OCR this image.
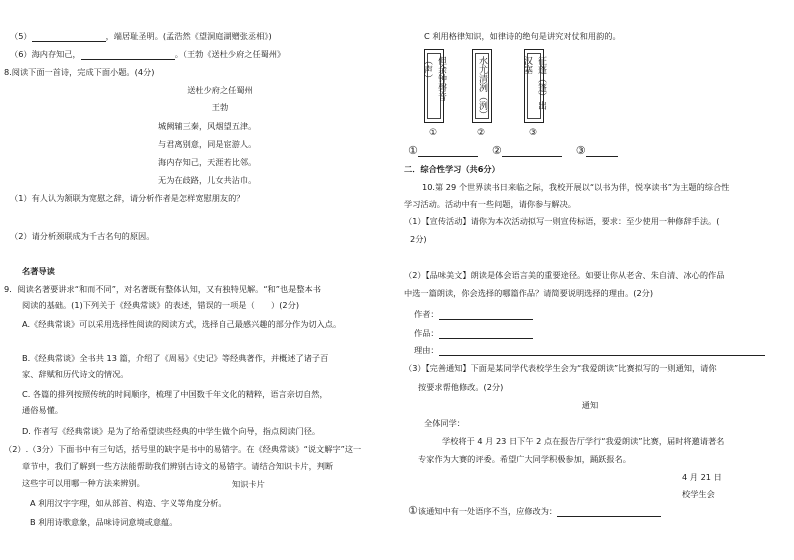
（5）	，端居耻圣明。(孟浩然《望洞庭湖赠张丞相》)
（6）海内存知己，	。（王勃《送杜少府之任蜀州》
8.阅读下面一首诗，完成下面小题。(4分)
送杜少府之任蜀州
王勃
城阙辅三秦，风烟望五津。
与君离别意，同是宦游人。
海内存知己，天涯若比邻。
无为在歧路，儿女共沾巾。
（1）有人认为颔联为宽慰之辞，请分析作者是怎样宽慰朋友的？
（2）请分析颈联成为千古名句的原因。
名著导读
9．阅读名著要讲求“和而不同”，对名著既有整体认知，又有独特见解。“和”也是整本书
阅读的基础。(1)下列关于《经典常谈》的表述，错误的一项是（　　）(2分)
A.《经典常谈》可以采用选择性阅读的阅读方式，选择自己最感兴趣的部分作为切入点。
B.《经典常谈》全书共 13 篇，介绍了《周易》《史记》等经典著作，并概述了诸子百
家、辞赋和历代诗文的情况。
C. 各篇的排列按照传统的时间顺序，梳理了中国数千年文化的精粹，语言亲切自然，
通俗易懂。
D. 作者写《经典常谈》是为了给希望读些经典的中学生做个向导，指点阅读门径。
（2）.（3分）下面书中有三句话，括号里的缺字是书中的易错字。在《经典常谈》“说文解字”这一
章节中，我们了解到一些方法能帮助我们辨别古诗文的易错字。请结合知识卡片，判断
这些字可以用哪一种方法来辨别。	知识卡片
A 利用汉字字理，如从部首、构造、字义等角度分析。
B 利用诗歌意象，品味诗词意境或意蕴。
C 利用格律知识，如律诗的绝句是讲究对仗和用韵的。
但余钟磬音（声）
①
水尤清冽（洌）
②
征蓬（篷）出汉塞
③
①	②	③
二．综合性学习（共6分）
10.第 29 个世界读书日来临之际，我校开展以“以书为伴，悦享读书”为主题的综合性
学习活动。活动中有一些问题，请你参与解决。
（1）【宣传活动】请你为本次活动拟写一则宣传标语，要求：至少使用一种修辞手法。(
2分)
（2）【品味美文】朗读是体会语言美的重要途径。如要让你从老舍、朱自清、冰心的作品
中选一篇朗读，你会选择的哪篇作品？请简要说明选择的理由。(2分)
作者：
作品：
理由：
（3）【完善通知】下面是某同学代表校学生会为“我爱朗读”比赛拟写的一则通知，请你
按要求帮他修改。(2分)
通知
全体同学：
学校将于 4 月 23 日下午 2 点在报告厅学行“我爱朗读”比赛，届时将邀请著名
专家作为大赛的评委。希望广大同学积极参加，踊跃报名。
4 月 21 日
校学生会
①该通知中有一处语序不当，应修改为：
